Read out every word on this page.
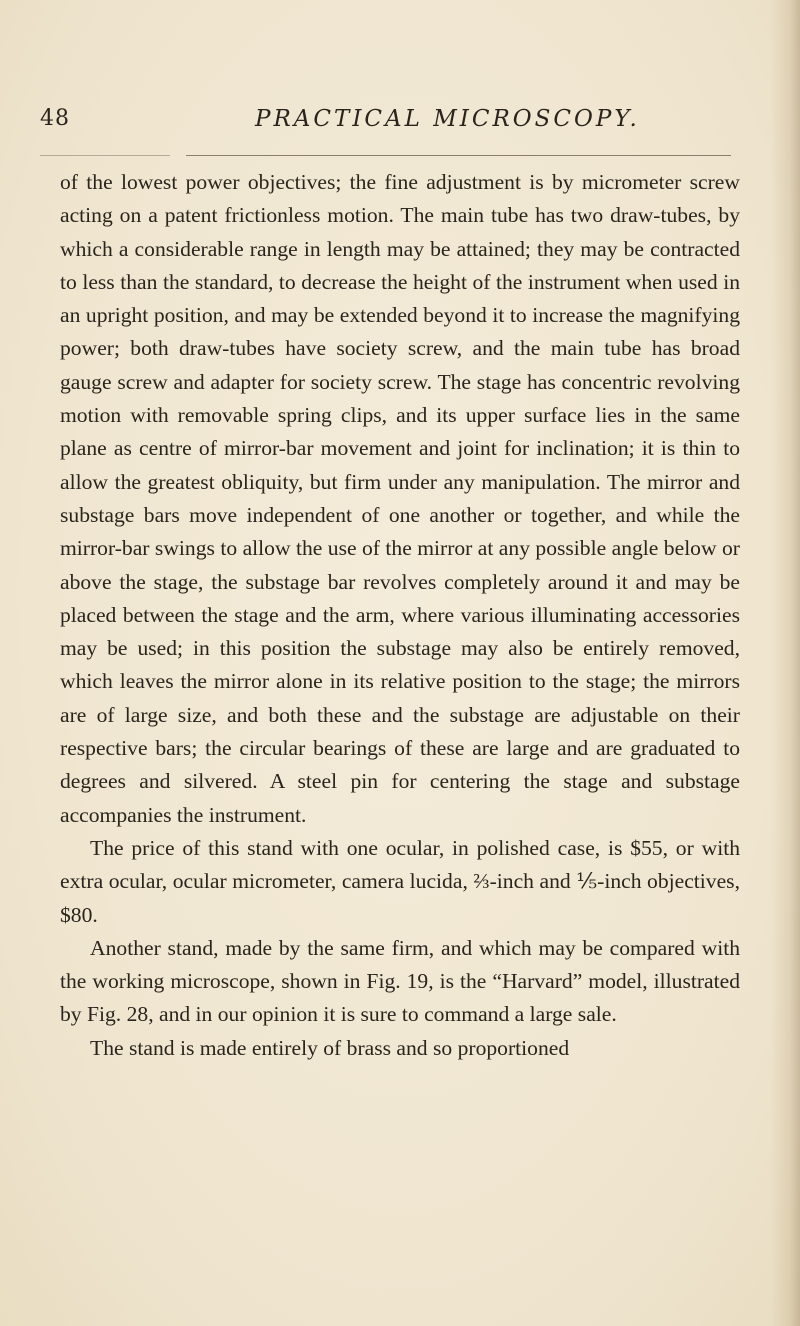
48	PRACTICAL MICROSCOPY.

of the lowest power objectives; the fine adjustment is by micrometer screw acting on a patent frictionless motion. The main tube has two draw-tubes, by which a considerable range in length may be attained; they may be contracted to less than the standard, to decrease the height of the instrument when used in an upright position, and may be extended beyond it to increase the magnifying power; both draw-tubes have society screw, and the main tube has broad gauge screw and adapter for society screw. The stage has concentric revolving motion with removable spring clips, and its upper surface lies in the same plane as centre of mirror-bar movement and joint for inclination; it is thin to allow the greatest obliquity, but firm under any manipulation. The mirror and substage bars move independent of one another or together, and while the mirror-bar swings to allow the use of the mirror at any possible angle below or above the stage, the substage bar revolves completely around it and may be placed between the stage and the arm, where various illuminating accessories may be used; in this position the substage may also be entirely removed, which leaves the mirror alone in its relative position to the stage; the mirrors are of large size, and both these and the substage are adjustable on their respective bars; the circular bearings of these are large and are graduated to degrees and silvered. A steel pin for centering the stage and substage accompanies the instrument.

The price of this stand with one ocular, in polished case, is $55, or with extra ocular, ocular micrometer, camera lucida, ⅔-inch and ⅕-inch objectives, $80.

Another stand, made by the same firm, and which may be compared with the working microscope, shown in Fig. 19, is the “Harvard” model, illustrated by Fig. 28, and in our opinion it is sure to command a large sale.

The stand is made entirely of brass and so proportioned
